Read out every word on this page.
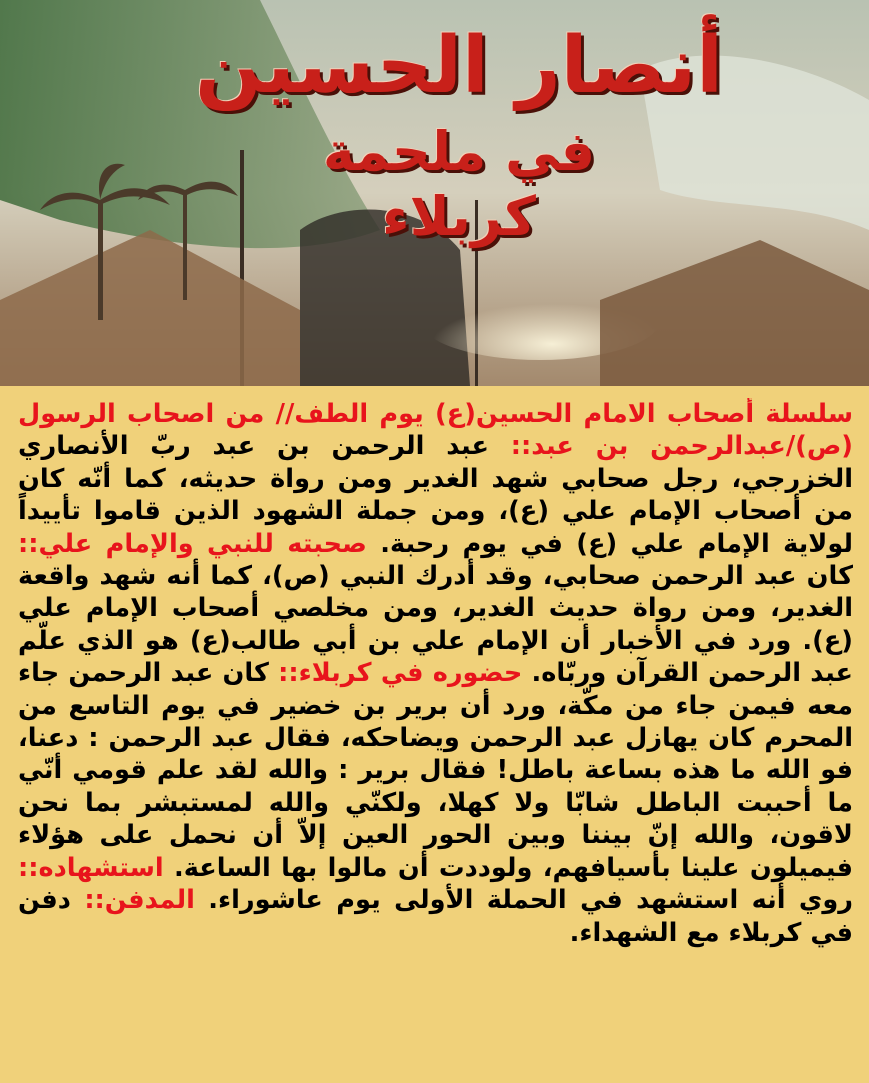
أنصار الحسين
في ملحمة كربلاء
سلسلة أصحاب الامام الحسين(ع) يوم الطف// من اصحاب الرسول (ص)/عبدالرحمن بن عبد:: عبد الرحمن بن عبد ربّ الأنصاري الخزرجي، رجل صحابي شهد الغدير ومن رواة حديثه، كما أنّه كان من أصحاب الإمام علي (ع)، ومن جملة الشهود الذين قاموا تأييداً لولاية الإمام علي (ع) في يوم رحبة. صحبته للنبي والإمام علي:: كان عبد الرحمن صحابي، وقد أدرك النبي (ص)، كما أنه شهد واقعة الغدير، ومن رواة حديث الغدير، ومن مخلصي أصحاب الإمام علي (ع). ورد في الأخبار أن الإمام علي بن أبي طالب(ع) هو الذي علّم عبد الرحمن القرآن وربّاه. حضوره في كربلاء:: كان عبد الرحمن جاء معه فيمن جاء من مكّة، ورد أن برير بن خضير في يوم التاسع من المحرم كان يهازل عبد الرحمن ويضاحكه، فقال عبد الرحمن : دعنا، فو الله ما هذه بساعة باطل! فقال برير : والله لقد علم قومي أنّي ما أحببت الباطل شابّا ولا كهلا، ولكنّي والله لمستبشر بما نحن لاقون، والله إنّ بيننا وبين الحور العين إلاّ أن نحمل على هؤلاء فيميلون علينا بأسيافهم، ولوددت أن مالوا بها الساعة. استشهاده:: روي أنه استشهد في الحملة الأولى يوم عاشوراء. المدفن:: دفن في كربلاء مع الشهداء.
